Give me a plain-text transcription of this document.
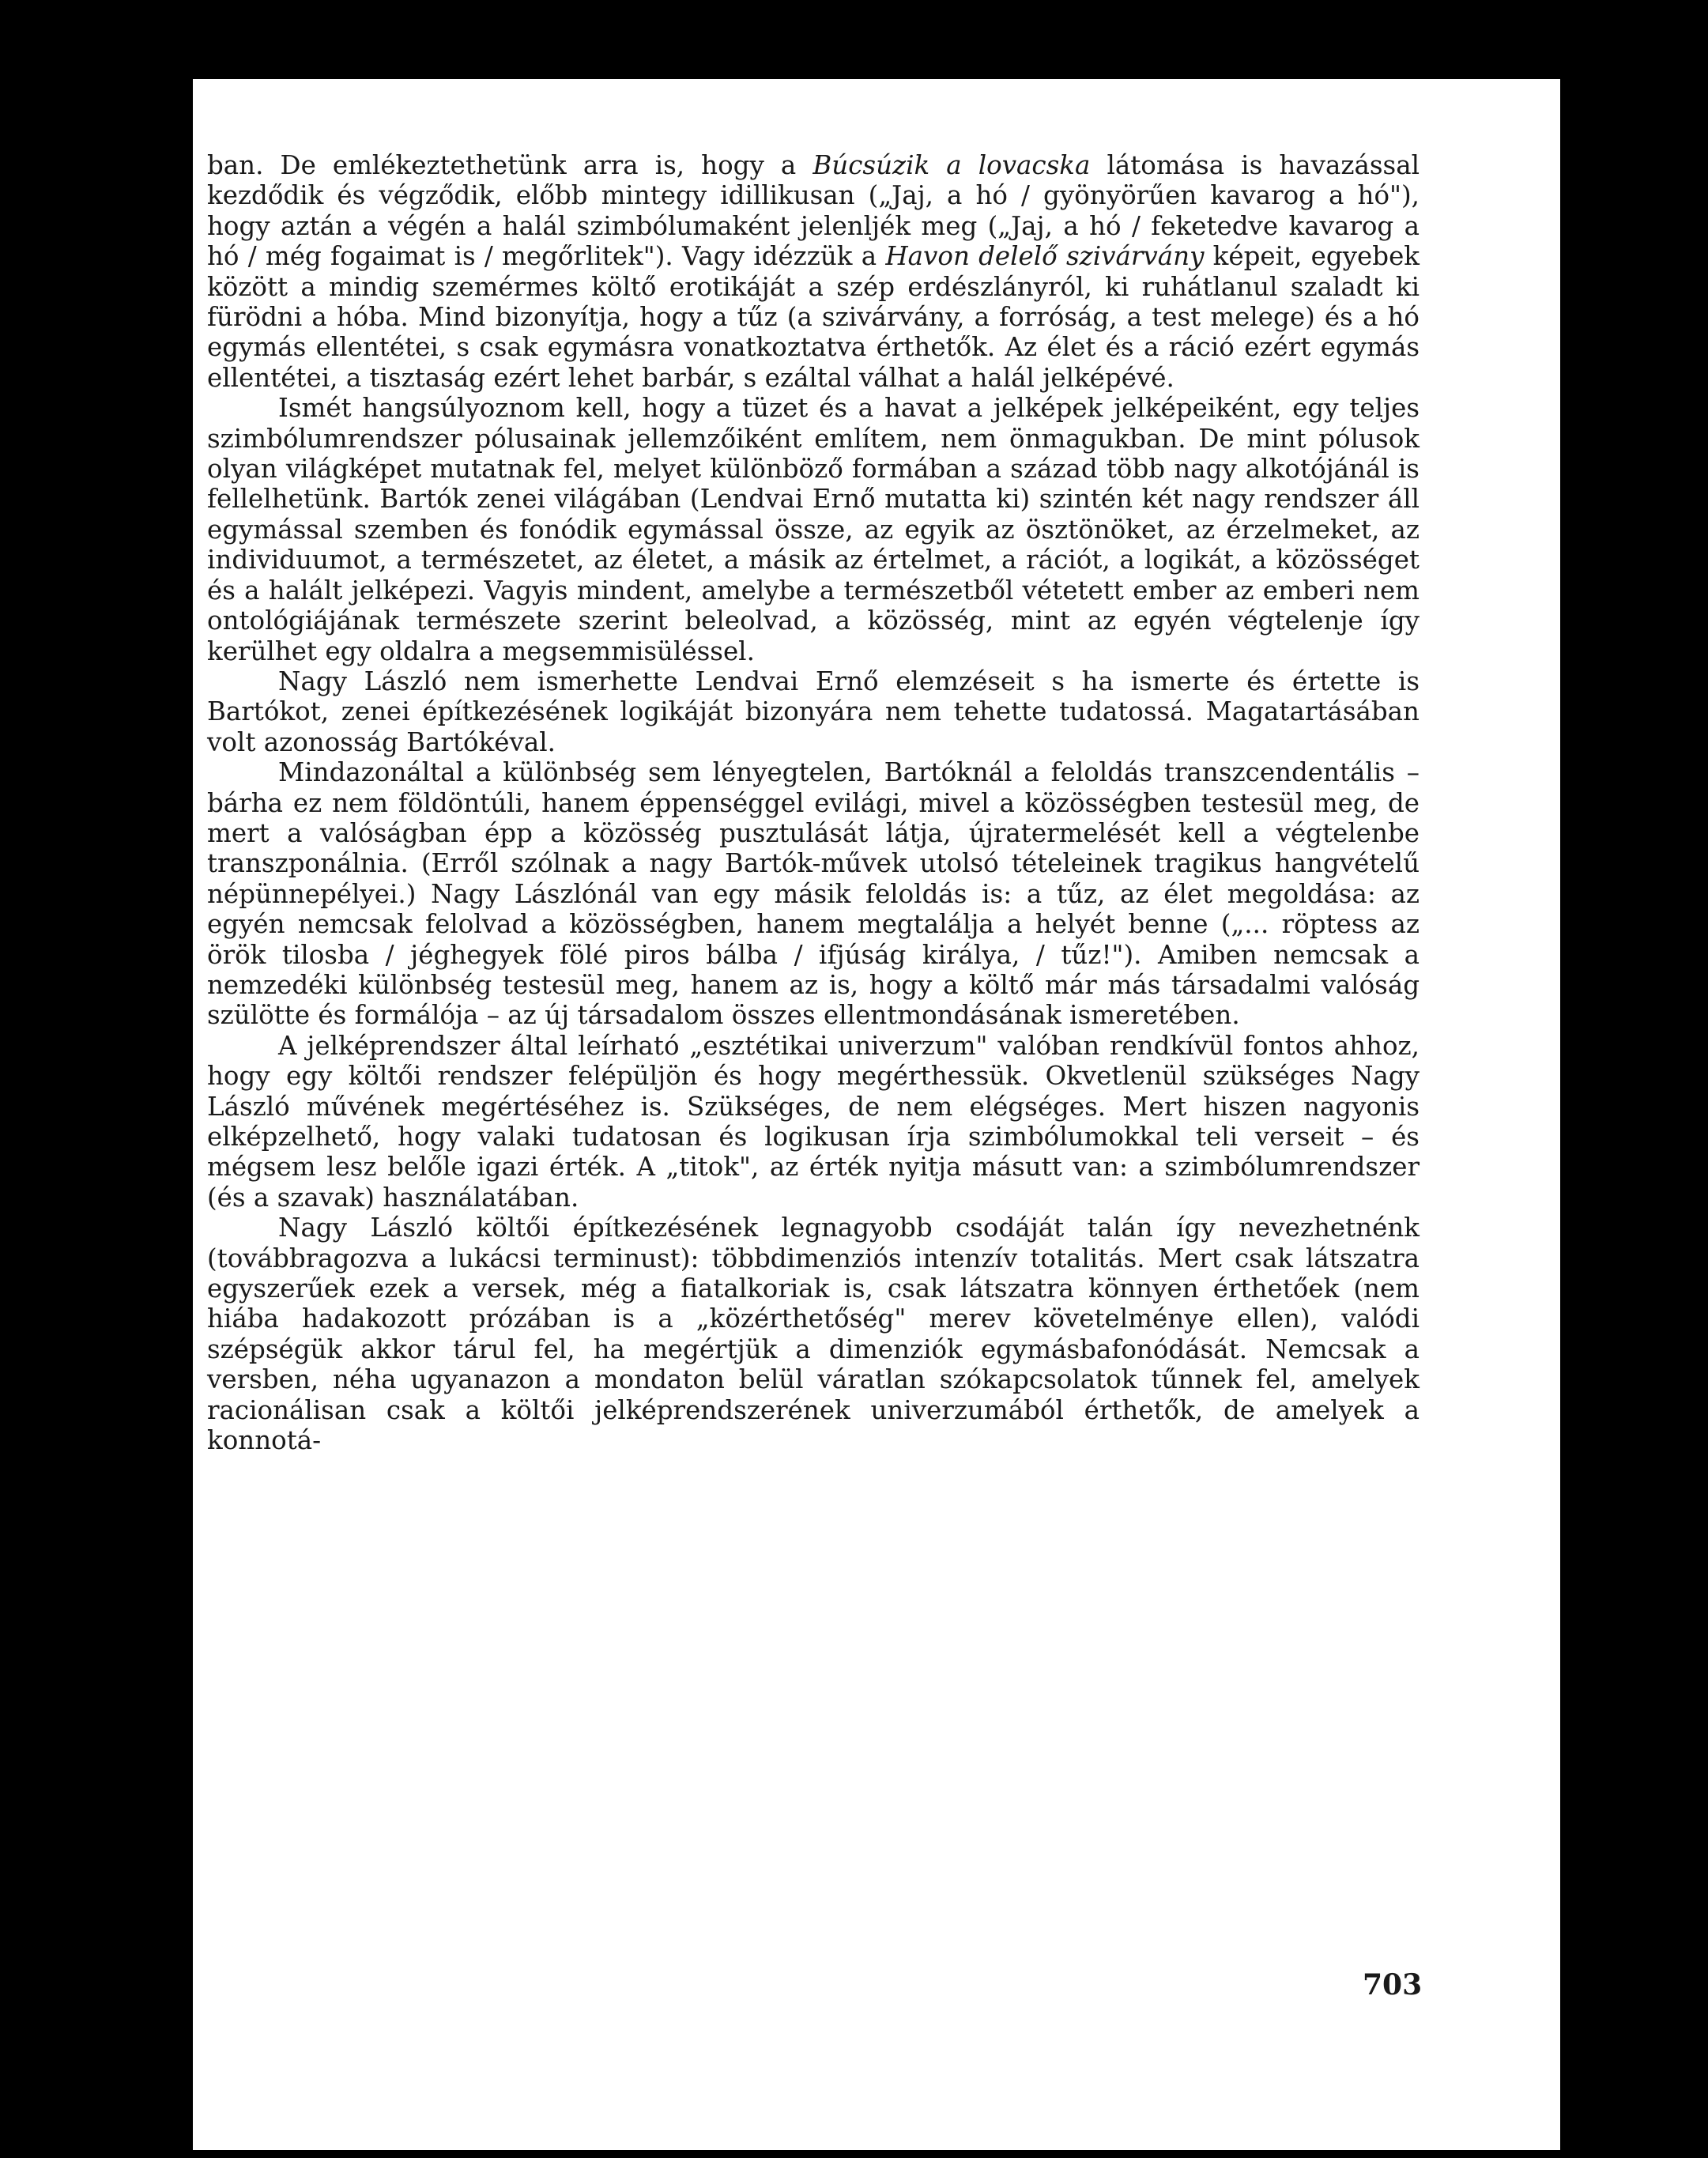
ban. De emlékeztethetünk arra is, hogy a Búcsúzik a lovacska látomása is havazással kezdődik és végződik, előbb mintegy idillikusan („Jaj, a hó / gyönyörűen kavarog a hó"), hogy aztán a végén a halál szimbólumaként jelenljék meg („Jaj, a hó / feketedve kavarog a hó / még fogaimat is / megőrlitek"). Vagy idézzük a Havon delelő szivárvány képeit, egyebek között a mindig szemérmes költő erotikáját a szép erdészlányról, ki ruhátlanul szaladt ki fürödni a hóba. Mind bizonyítja, hogy a tűz (a szivárvány, a forróság, a test melege) és a hó egymás ellentétei, s csak egymásra vonatkoztatva érthetők. Az élet és a ráció ezért egymás ellentétei, a tisztaság ezért lehet barbár, s ezáltal válhat a halál jelképévé.

Ismét hangsúlyoznom kell, hogy a tüzet és a havat a jelképek jelképeiként, egy teljes szimbólumrendszer pólusainak jellemzőiként említem, nem önmagukban. De mint pólusok olyan világképet mutatnak fel, melyet különböző formában a század több nagy alkotójánál is fellelhetünk. Bartók zenei világában (Lendvai Ernő mutatta ki) szintén két nagy rendszer áll egymással szemben és fonódik egymással össze, az egyik az ösztönöket, az érzelmeket, az individuumot, a természetet, az életet, a másik az értelmet, a rációt, a logikát, a közösséget és a halált jelképezi. Vagyis mindent, amelybe a természetből vétetett ember az emberi nem ontológiájának természete szerint beleolvad, a közösség, mint az egyén végtelenje így kerülhet egy oldalra a megsemmisüléssel.

Nagy László nem ismerhette Lendvai Ernő elemzéseit s ha ismerte és értette is Bartókot, zenei építkezésének logikáját bizonyára nem tehette tudatossá. Magatartásában volt azonosság Bartókéval.

Mindazonáltal a különbség sem lényegtelen, Bartóknál a feloldás transzcendentális – bárha ez nem földöntúli, hanem éppenséggel evilági, mivel a közösségben testesül meg, de mert a valóságban épp a közösség pusztulását látja, újratermelését kell a végtelenbe transzponálnia. (Erről szólnak a nagy Bartók-művek utolsó tételeinek tragikus hangvételű népünnepélyei.) Nagy Lászlónál van egy másik feloldás is: a tűz, az élet megoldása: az egyén nemcsak felolvad a közösségben, hanem megtalálja a helyét benne („... röptess az örök tilosba / jéghegyek fölé piros bálba / ifjúság királya, / tűz!"). Amiben nemcsak a nemzedéki különbség testesül meg, hanem az is, hogy a költő már más társadalmi valóság szülötte és formálója – az új társadalom összes ellentmondásának ismeretében.

A jelképrendszer által leírható „esztétikai univerzum" valóban rendkívül fontos ahhoz, hogy egy költői rendszer felépüljön és hogy megérthessük. Okvetlenül szükséges Nagy László művének megértéséhez is. Szükséges, de nem elégséges. Mert hiszen nagyonis elképzelhető, hogy valaki tudatosan és logikusan írja szimbólumokkal teli verseit – és mégsem lesz belőle igazi érték. A „titok", az érték nyitja másutt van: a szimbólumrendszer (és a szavak) használatában.

Nagy László költői építkezésének legnagyobb csodáját talán így nevezhetnénk (továbbragozva a lukácsi terminust): többdimenziós intenzív totalitás. Mert csak látszatra egyszerűek ezek a versek, még a fiatalkoriak is, csak látszatra könnyen érthetőek (nem hiába hadakozott prózában is a „közérthetőség" merev követelménye ellen), valódi szépségük akkor tárul fel, ha megértjük a dimenziók egymásbafonódását. Nemcsak a versben, néha ugyanazon a mondaton belül váratlan szókapcsolatok tűnnek fel, amelyek racionálisan csak a költői jelképrendszerének univerzumából érthetők, de amelyek a konnotá-

703
